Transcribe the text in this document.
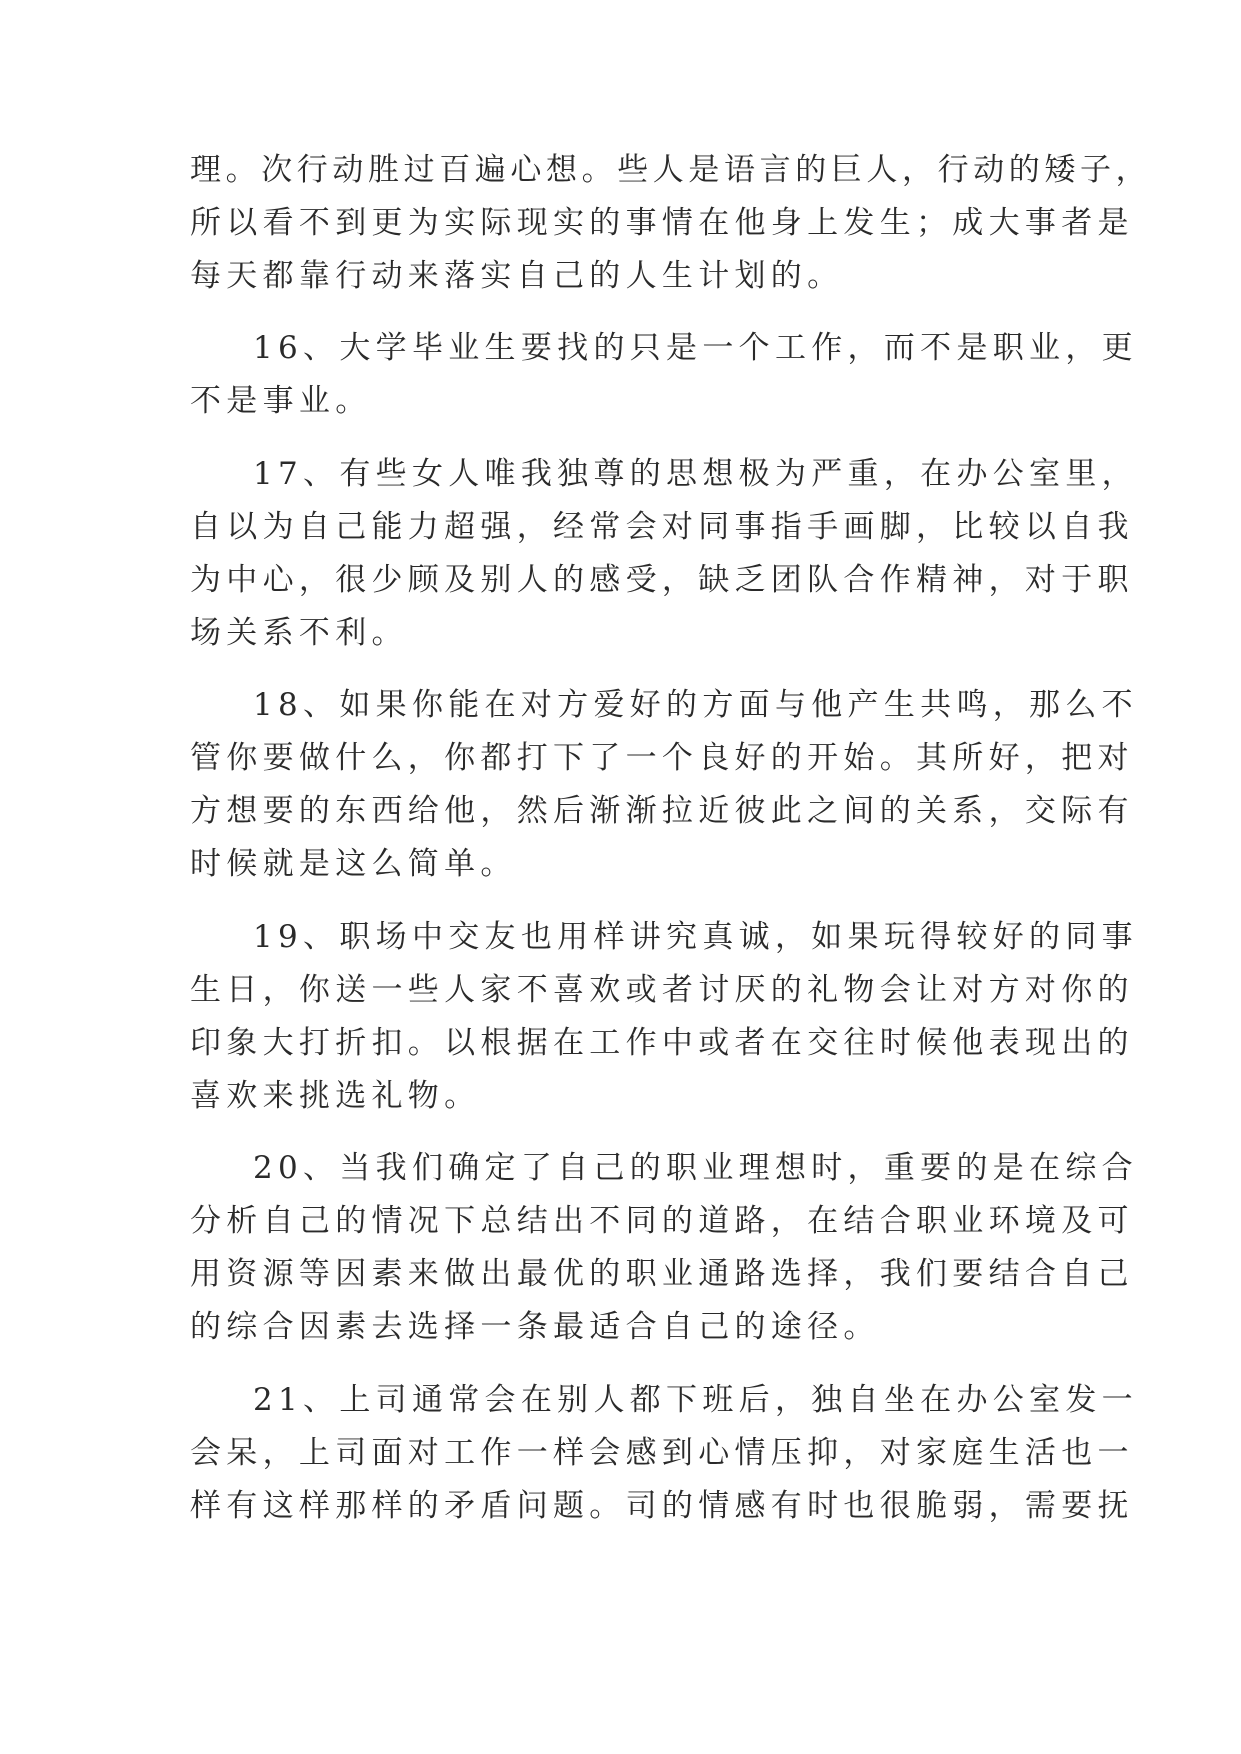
理。次行动胜过百遍心想。些人是语言的巨人，行动的矮子，

所以看不到更为实际现实的事情在他身上发生；成大事者是

每天都靠行动来落实自己的人生计划的。

16、大学毕业生要找的只是一个工作，而不是职业，更

不是事业。

17、有些女人唯我独尊的思想极为严重，在办公室里，

自以为自己能力超强，经常会对同事指手画脚，比较以自我

为中心，很少顾及别人的感受，缺乏团队合作精神，对于职

场关系不利。

18、如果你能在对方爱好的方面与他产生共鸣，那么不

管你要做什么，你都打下了一个良好的开始。其所好，把对

方想要的东西给他，然后渐渐拉近彼此之间的关系，交际有

时候就是这么简单。

19、职场中交友也用样讲究真诚，如果玩得较好的同事

生日，你送一些人家不喜欢或者讨厌的礼物会让对方对你的

印象大打折扣。以根据在工作中或者在交往时候他表现出的

喜欢来挑选礼物。

20、当我们确定了自己的职业理想时，重要的是在综合

分析自己的情况下总结出不同的道路，在结合职业环境及可

用资源等因素来做出最优的职业通路选择，我们要结合自己

的综合因素去选择一条最适合自己的途径。

21、上司通常会在别人都下班后，独自坐在办公室发一

会呆，上司面对工作一样会感到心情压抑，对家庭生活也一

样有这样那样的矛盾问题。司的情感有时也很脆弱，需要抚
